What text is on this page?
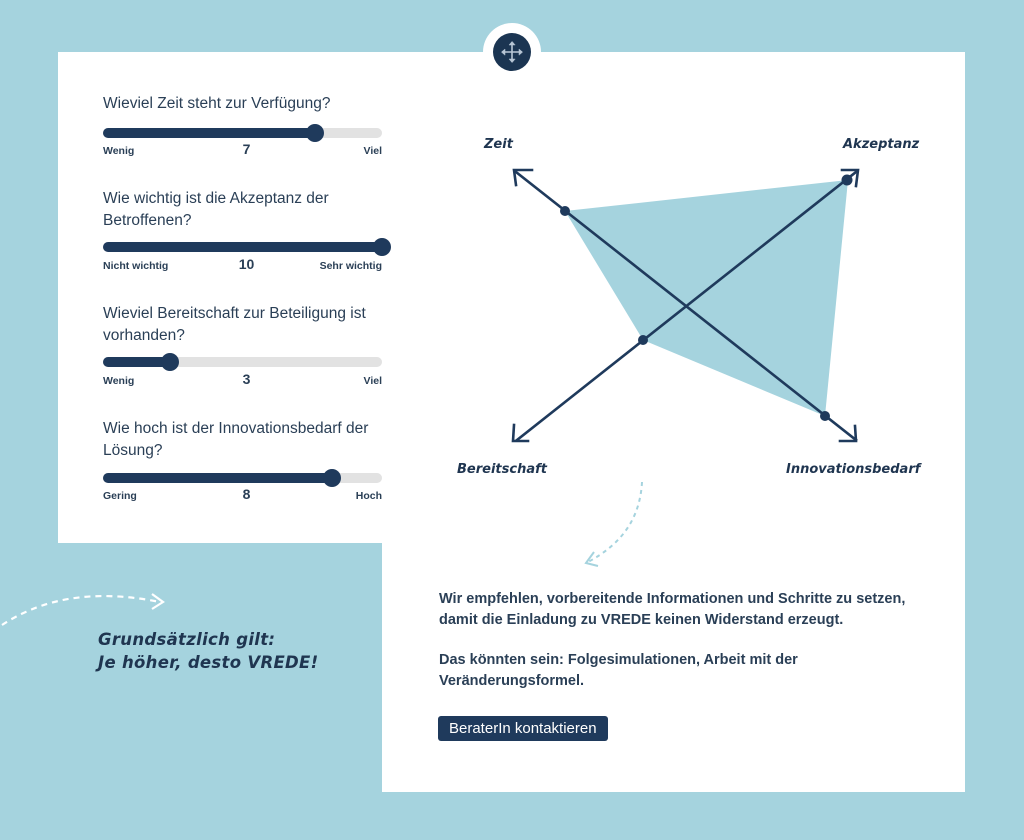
Wieviel Zeit steht zur Verfügung?
Wenig	7	Viel
Wie wichtig ist die Akzeptanz der Betroffenen?
Nicht wichtig	10	Sehr wichtig
Wieviel Bereitschaft zur Beteiligung ist vorhanden?
Wenig	3	Viel
Wie hoch ist der Innovationsbedarf der Lösung?
Gering	8	Hoch
Zeit	Akzeptanz
Bereitschaft	Innovationsbedarf
Wir empfehlen, vorbereitende Informationen und Schritte zu setzen, damit die Einladung zu VREDE keinen Widerstand erzeugt.
Das könnten sein: Folgesimulationen, Arbeit mit der Veränderungsformel.
BeraterIn kontaktieren
Grundsätzlich gilt:
Je höher, desto VREDE!
